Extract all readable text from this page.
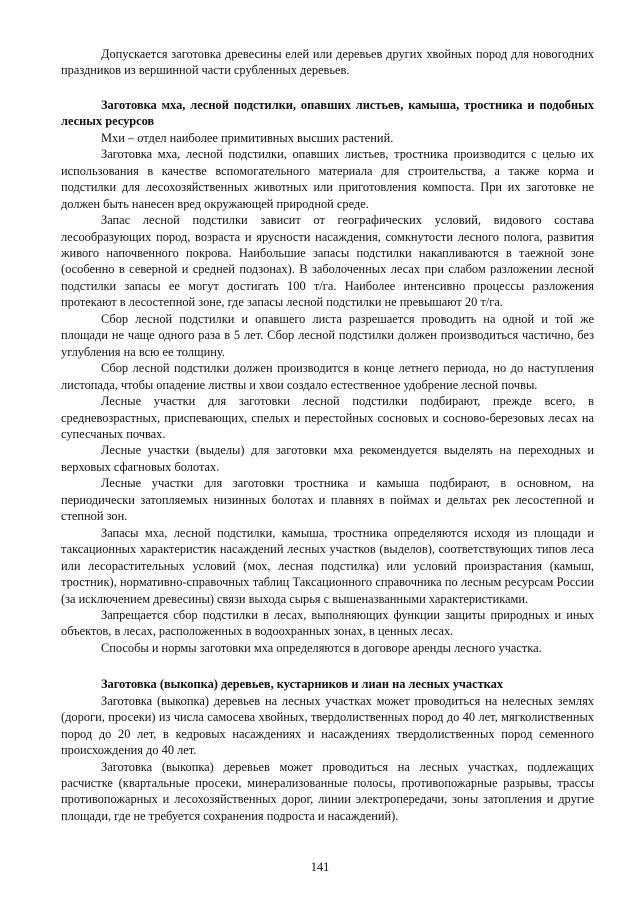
Допускается заготовка древесины елей или деревьев других хвойных пород для новогодних праздников из вершинной части срубленных деревьев.

Заготовка мха, лесной подстилки, опавших листьев, камыша, тростника и подобных лесных ресурсов

Мхи – отдел наиболее примитивных высших растений.

Заготовка мха, лесной подстилки, опавших листьев, тростника производится с целью их использования в качестве вспомогательного материала для строительства, а также корма и подстилки для лесохозяйственных животных или приготовления компоста. При их заготовке не должен быть нанесен вред окружающей природной среде.

Запас лесной подстилки зависит от географических условий, видового состава лесообразующих пород, возраста и ярусности насаждения, сомкнутости лесного полога, развития живого напочвенного покрова. Наибольшие запасы подстилки накапливаются в таежной зоне (особенно в северной и средней подзонах). В заболоченных лесах при слабом разложении лесной подстилки запасы ее могут достигать 100 т/га. Наиболее интенсивно процессы разложения протекают в лесостепной зоне, где запасы лесной подстилки не превышают 20 т/га.

Сбор лесной подстилки и опавшего листа разрешается проводить на одной и той же площади не чаще одного раза в 5 лет. Сбор лесной подстилки должен производиться частично, без углубления на всю ее толщину.

Сбор лесной подстилки должен производится в конце летнего периода, но до наступления листопада, чтобы опадение листвы и хвои создало естественное удобрение лесной почвы.

Лесные участки для заготовки лесной подстилки подбирают, прежде всего, в средневозрастных, приспевающих, спелых и перестойных сосновых и сосново-березовых лесах на супесчаных почвах.

Лесные участки (выделы) для заготовки мха рекомендуется выделять на переходных и верховых сфагновых болотах.

Лесные участки для заготовки тростника и камыша подбирают, в основном, на периодически затопляемых низинных болотах и плавнях в поймах и дельтах рек лесостепной и степной зон.

Запасы мха, лесной подстилки, камыша, тростника определяются исходя из площади и таксационных характеристик насаждений лесных участков (выделов), соответствующих типов леса или лесорастительных условий (мох, лесная подстилка) или условий произрастания (камыш, тростник), нормативно-справочных таблиц Таксационного справочника по лесным ресурсам России (за исключением древесины) связи выхода сырья с вышеназванными характеристиками.

Запрещается сбор подстилки в лесах, выполняющих функции защиты природных и иных объектов, в лесах, расположенных в водоохранных зонах, в ценных лесах.

Способы и нормы заготовки мха определяются в договоре аренды лесного участка.

Заготовка (выкопка) деревьев, кустарников и лиан на лесных участках

Заготовка (выкопка) деревьев на лесных участках может проводиться на нелесных землях (дороги, просеки) из числа самосева хвойных, твердолиственных пород до 40 лет, мягколиственных пород до 20 лет, в кедровых насаждениях и насаждениях твердолиственных пород семенного происхождения до 40 лет.

Заготовка (выкопка) деревьев может проводиться на лесных участках, подлежащих расчистке (квартальные просеки, минерализованные полосы, противопожарные разрывы, трассы противопожарных и лесохозяйственных дорог, линии электропередачи, зоны затопления и другие площади, где не требуется сохранения подроста и насаждений).

141
